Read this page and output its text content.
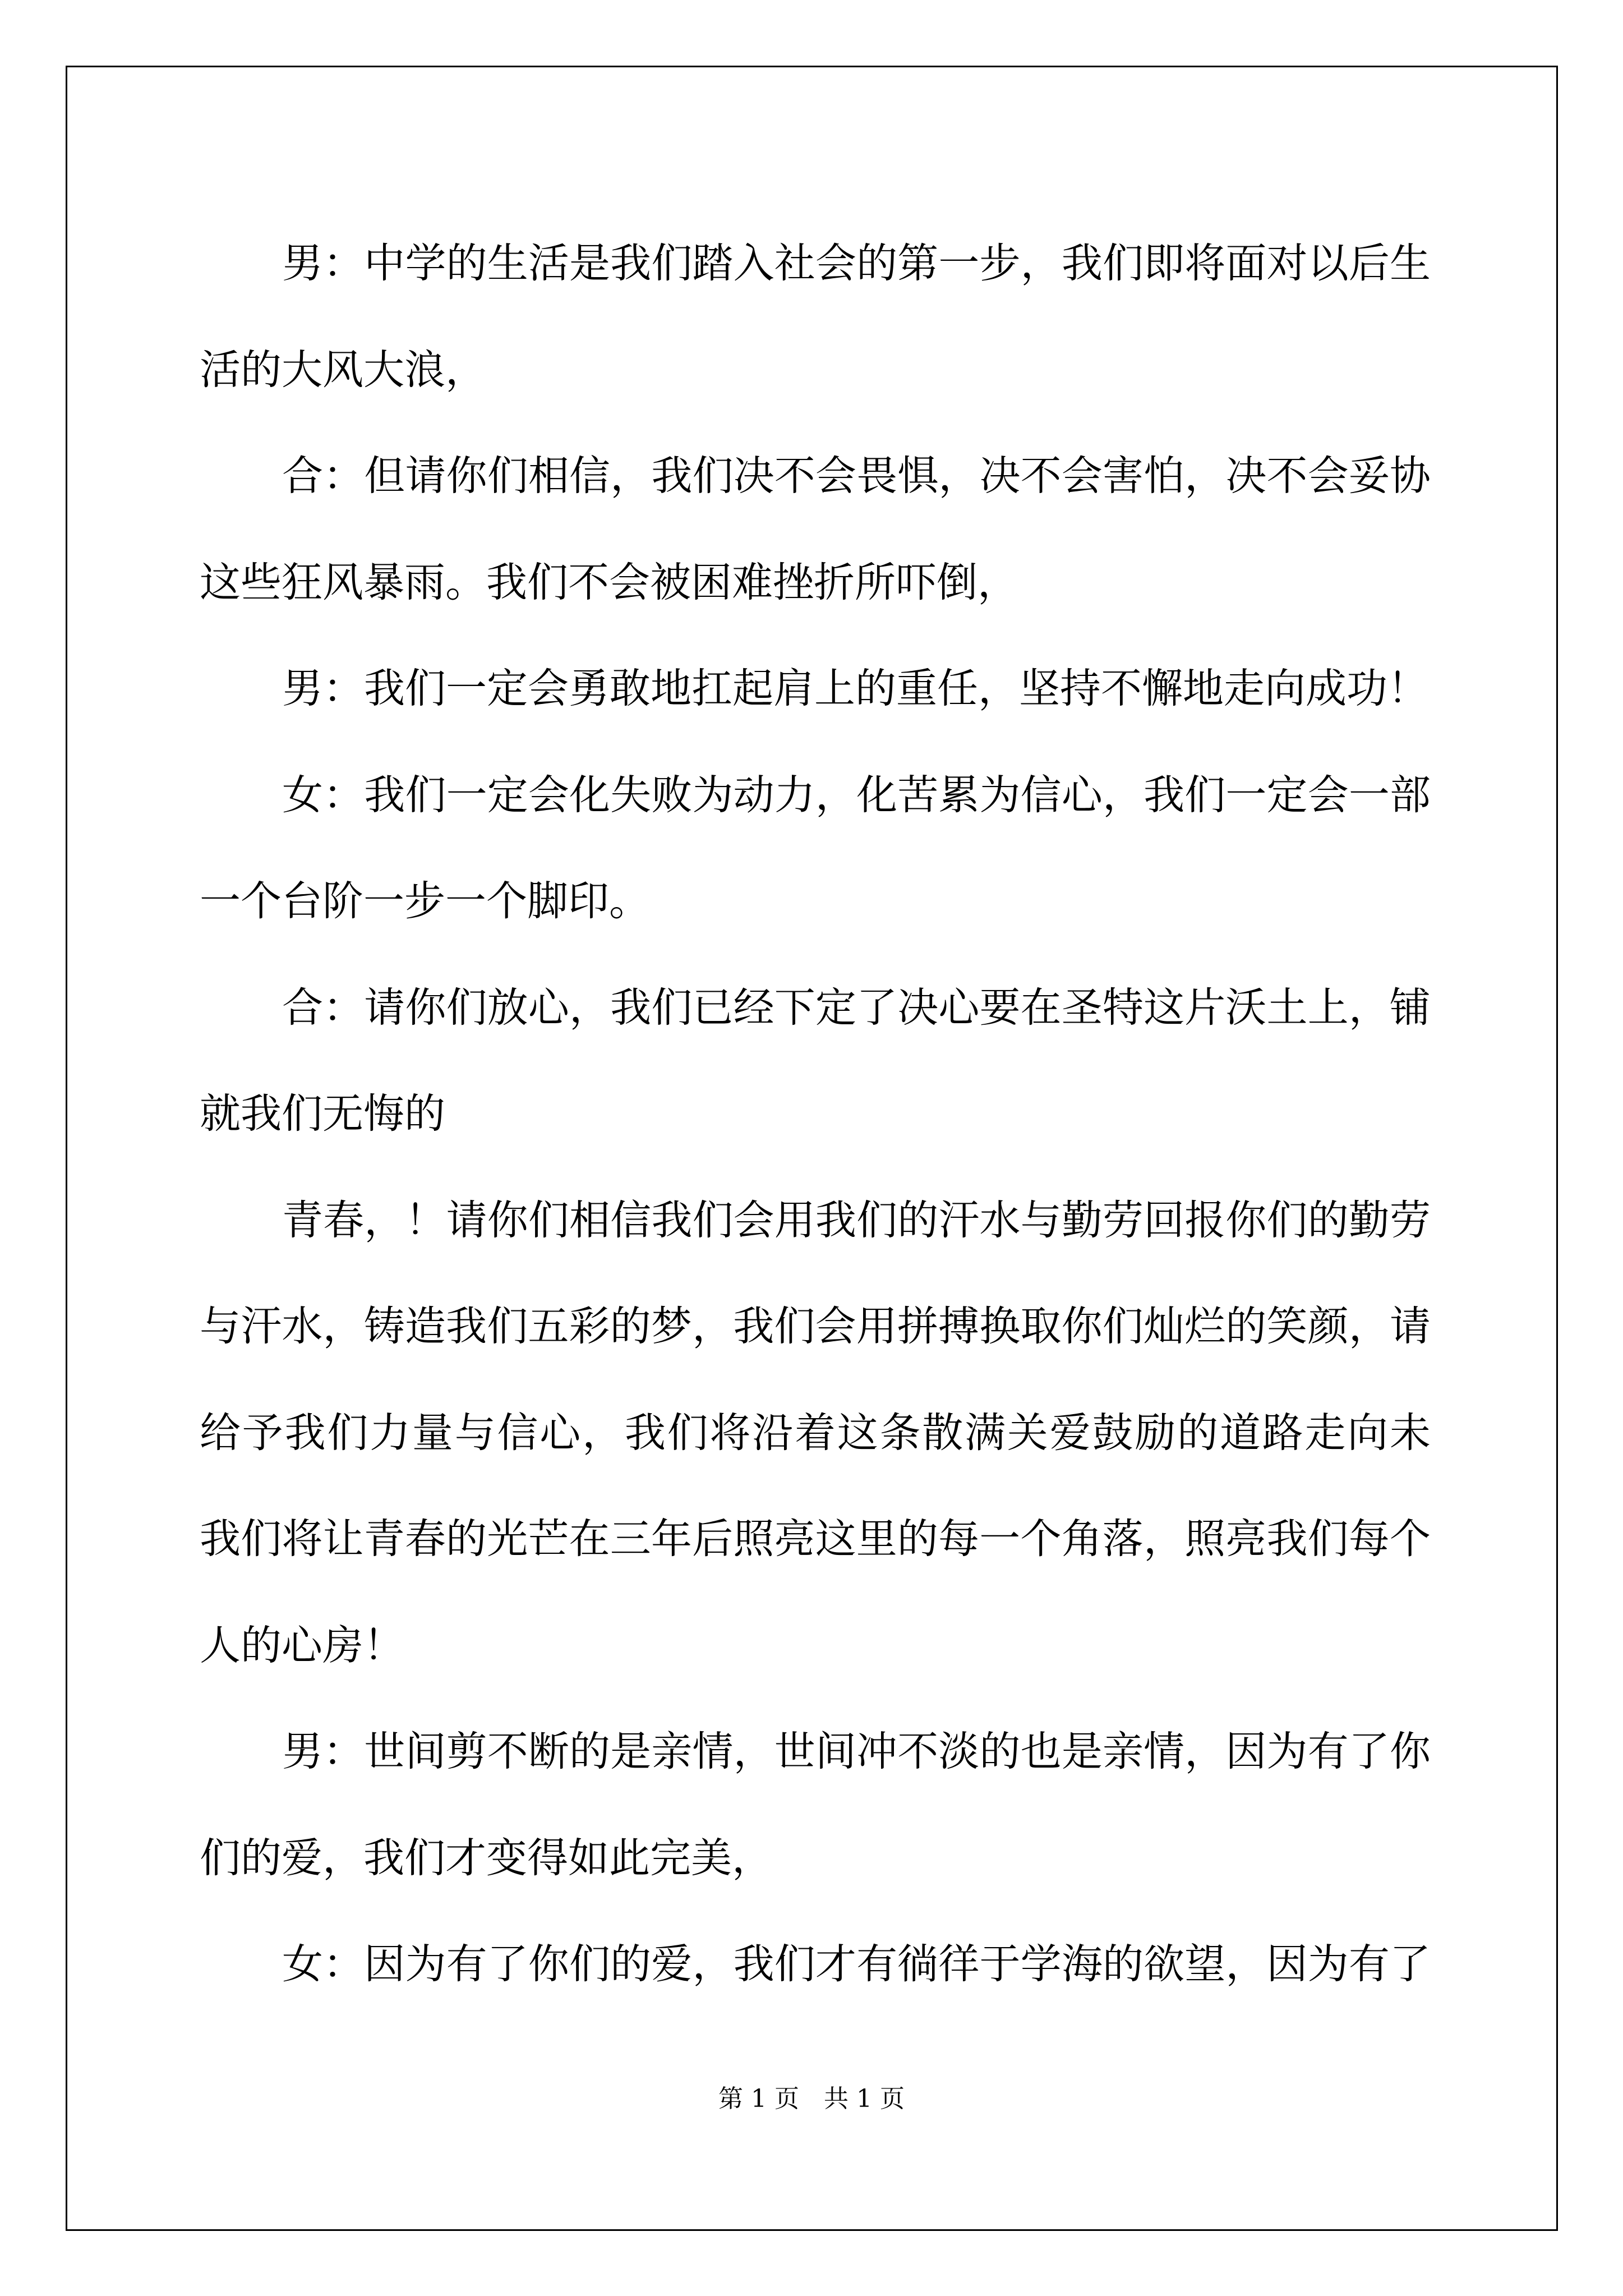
男：中学的生活是我们踏入社会的第一步，我们即将面对以后生
活的大风大浪，
合：但请你们相信，我们决不会畏惧，决不会害怕，决不会妥协
这些狂风暴雨。我们不会被困难挫折所吓倒，
男：我们一定会勇敢地扛起肩上的重任，坚持不懈地走向成功！
女：我们一定会化失败为动力，化苦累为信心，我们一定会一部
一个台阶一步一个脚印。
合：请你们放心，我们已经下定了决心要在圣特这片沃土上，铺
就我们无悔的
青春，！请你们相信我们会用我们的汗水与勤劳回报你们的勤劳
与汗水，铸造我们五彩的梦，我们会用拼搏换取你们灿烂的笑颜，请
给予我们力量与信心，我们将沿着这条散满关爱鼓励的道路走向未
我们将让青春的光芒在三年后照亮这里的每一个角落，照亮我们每个
人的心房！
男：世间剪不断的是亲情，世间冲不淡的也是亲情，因为有了你
们的爱，我们才变得如此完美，
女：因为有了你们的爱，我们才有徜徉于学海的欲望，因为有了
第 1 页　共 1 页
